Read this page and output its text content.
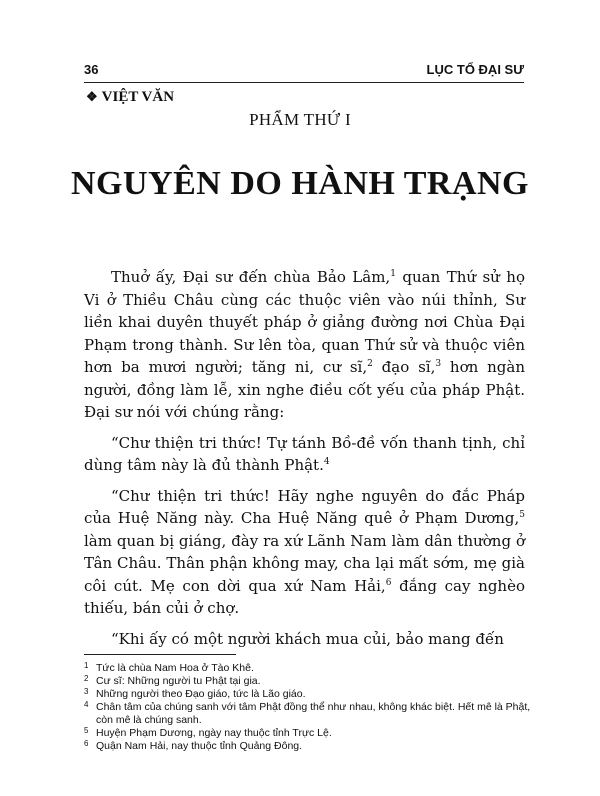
36	LỤC TỔ ĐẠI SƯ
❖ VIỆT VĂN
PHẨM THỨ I
NGUYÊN DO HÀNH TRẠNG

Thuở ấy, Đại sư đến chùa Bảo Lâm,$^1$ quan Thứ sử họ Vi ở Thiều Châu cùng các thuộc viên vào núi thỉnh, Sư liền khai duyên thuyết pháp ở giảng đường nơi Chùa Đại Phạm trong thành. Sư lên tòa, quan Thứ sử và thuộc viên hơn ba mươi người; tăng ni, cư sĩ,$^2$ đạo sĩ,$^3$ hơn ngàn người, đồng làm lễ, xin nghe điều cốt yếu của pháp Phật. Đại sư nói với chúng rằng:

“Chư thiện tri thức! Tự tánh Bồ-đề vốn thanh tịnh, chỉ dùng tâm này là đủ thành Phật.$^4$

“Chư thiện tri thức! Hãy nghe nguyên do đắc Pháp của Huệ Năng này. Cha Huệ Năng quê ở Phạm Dương,$^5$ làm quan bị giáng, đày ra xứ Lãnh Nam làm dân thường ở Tân Châu. Thân phận không may, cha lại mất sớm, mẹ già côi cút. Mẹ con dời qua xứ Nam Hải,$^6$ đắng cay nghèo thiếu, bán củi ở chợ.

“Khi ấy có một người khách mua củi, bảo mang đến

1 Tức là chùa Nam Hoa ở Tào Khê.
2 Cư sĩ: Những người tu Phật tại gia.
3 Những người theo Đạo giáo, tức là Lão giáo.
4 Chân tâm của chúng sanh với tâm Phật đồng thể như nhau, không khác biệt. Hết mê là Phật, còn mê là chúng sanh.
5 Huyện Phạm Dương, ngày nay thuộc tỉnh Trực Lệ.
6 Quận Nam Hải, nay thuộc tỉnh Quảng Đông.
